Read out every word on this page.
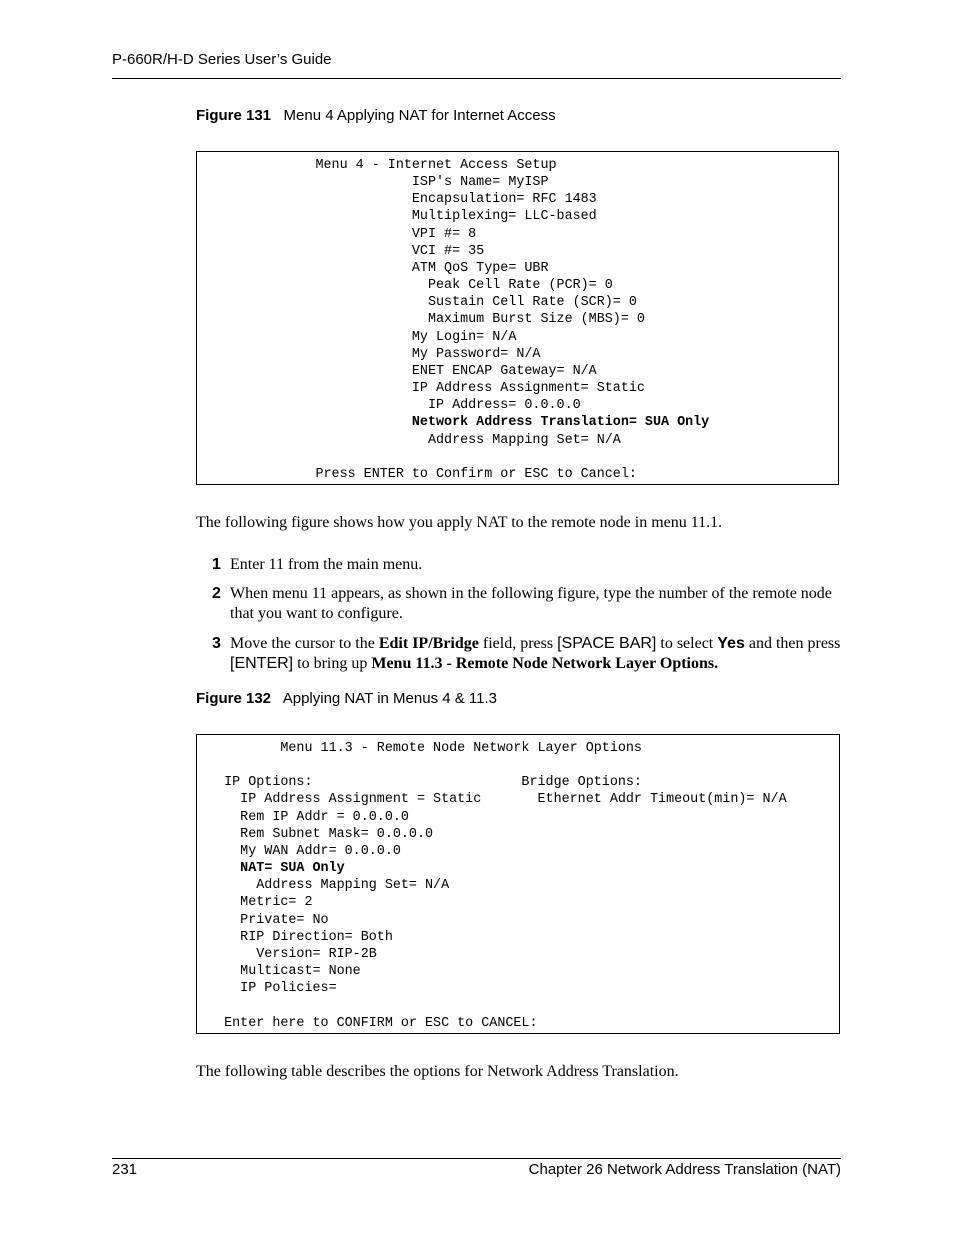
P-660R/H-D Series User’s Guide
Figure 131 Menu 4 Applying NAT for Internet Access
Menu 4 - Internet Access Setup
ISP's Name= MyISP
Encapsulation= RFC 1483
Multiplexing= LLC-based
VPI #= 8
VCI #= 35
ATM QoS Type= UBR
Peak Cell Rate (PCR)= 0
Sustain Cell Rate (SCR)= 0
Maximum Burst Size (MBS)= 0
My Login= N/A
My Password= N/A
ENET ENCAP Gateway= N/A
IP Address Assignment= Static
IP Address= 0.0.0.0
Network Address Translation= SUA Only
Address Mapping Set= N/A

Press ENTER to Confirm or ESC to Cancel:
The following figure shows how you apply NAT to the remote node in menu 11.1.
1 Enter 11 from the main menu.
2 When menu 11 appears, as shown in the following figure, type the number of the remote node that you want to configure.
3 Move the cursor to the Edit IP/Bridge field, press [SPACE BAR] to select Yes and then press [ENTER] to bring up Menu 11.3 - Remote Node Network Layer Options.
Figure 132 Applying NAT in Menus 4 & 11.3
Menu 11.3 - Remote Node Network Layer Options

IP Options:                          Bridge Options:
IP Address Assignment = Static       Ethernet Addr Timeout(min)= N/A
Rem IP Addr = 0.0.0.0
Rem Subnet Mask= 0.0.0.0
My WAN Addr= 0.0.0.0
NAT= SUA Only
Address Mapping Set= N/A
Metric= 2
Private= No
RIP Direction= Both
Version= RIP-2B
Multicast= None
IP Policies=

Enter here to CONFIRM or ESC to CANCEL:
The following table describes the options for Network Address Translation.
231	Chapter 26 Network Address Translation (NAT)
